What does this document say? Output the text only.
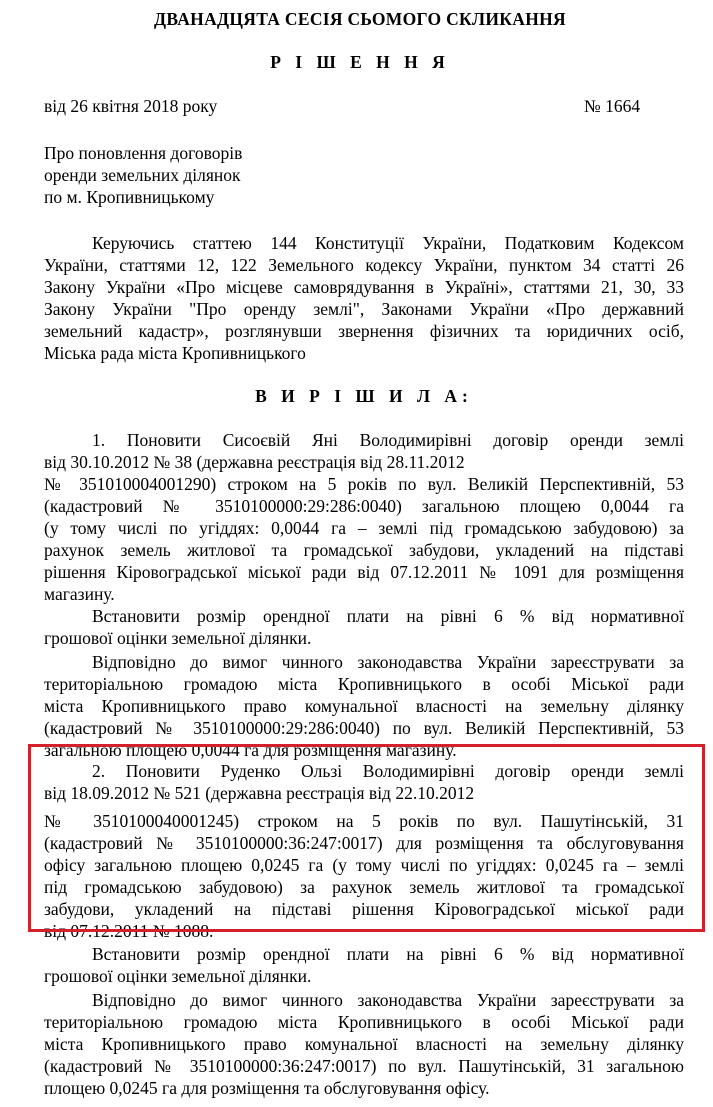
ДВАНАДЦЯТА СЕСІЯ СЬОМОГО СКЛИКАННЯ
Р І Ш Е Н Н Я
від 26 квітня 2018 року	№ 1664
Про поновлення договорів
оренди земельних ділянок
по м. Кропивницькому
Керуючись статтею 144 Конституції України, Податковим Кодексом
України, статтями 12, 122 Земельного кодексу України, пунктом 34 статті 26
Закону України «Про місцеве самоврядування в Україні», статтями 21, 30, 33
Закону України "Про оренду землі", Законами України «Про державний
земельний кадастр», розглянувши звернення фізичних та юридичних осіб,
Міська рада міста Кропивницького
В И Р І Ш И Л А:
1. Поновити Сисоєвій Яні Володимирівні договір оренди землі
від 30.10.2012 № 38 (державна реєстрація від 28.11.2012
№ 351010004001290) строком на 5 років по вул. Великій Перспективній, 53
(кадастровий № 3510100000:29:286:0040) загальною площею 0,0044 га
(у тому числі по угіддях: 0,0044 га – землі під громадською забудовою) за
рахунок земель житлової та громадської забудови, укладений на підставі
рішення Кіровоградської міської ради від 07.12.2011 № 1091 для розміщення
магазину.
Встановити розмір орендної плати на рівні 6 % від нормативної
грошової оцінки земельної ділянки.
Відповідно до вимог чинного законодавства України зареєструвати за
територіальною громадою міста Кропивницького в особі Міської ради
міста Кропивницького право комунальної власності на земельну ділянку
(кадастровий № 3510100000:29:286:0040) по вул. Великій Перспективній, 53
загальною площею 0,0044 га для розміщення магазину.
2. Поновити Руденко Ользі Володимирівні договір оренди землі
від 18.09.2012 № 521 (державна реєстрація від 22.10.2012
№ 3510100040001245) строком на 5 років по вул. Пашутінській, 31
(кадастровий № 3510100000:36:247:0017) для розміщення та обслуговування
офісу загальною площею 0,0245 га (у тому числі по угіддях: 0,0245 га – землі
під громадською забудовою) за рахунок земель житлової та громадської
забудови, укладений на підставі рішення Кіровоградської міської ради
від 07.12.2011 № 1088.
Встановити розмір орендної плати на рівні 6 % від нормативної
грошової оцінки земельної ділянки.
Відповідно до вимог чинного законодавства України зареєструвати за
територіальною громадою міста Кропивницького в особі Міської ради
міста Кропивницького право комунальної власності на земельну ділянку
(кадастровий № 3510100000:36:247:0017) по вул. Пашутінській, 31 загальною
площею 0,0245 га для розміщення та обслуговування офісу.
